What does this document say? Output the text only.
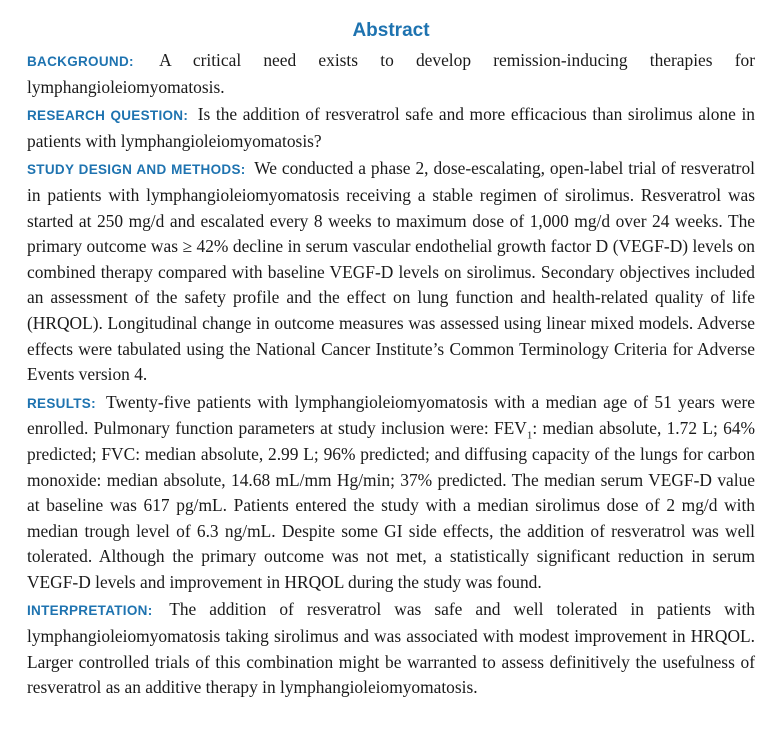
Abstract

BACKGROUND: A critical need exists to develop remission-inducing therapies for lymphangioleiomyomatosis.

RESEARCH QUESTION: Is the addition of resveratrol safe and more efficacious than sirolimus alone in patients with lymphangioleiomyomatosis?

STUDY DESIGN AND METHODS: We conducted a phase 2, dose-escalating, open-label trial of resveratrol in patients with lymphangioleiomyomatosis receiving a stable regimen of sirolimus. Resveratrol was started at 250 mg/d and escalated every 8 weeks to maximum dose of 1,000 mg/d over 24 weeks. The primary outcome was ≥ 42% decline in serum vascular endothelial growth factor D (VEGF-D) levels on combined therapy compared with baseline VEGF-D levels on sirolimus. Secondary objectives included an assessment of the safety profile and the effect on lung function and health-related quality of life (HRQOL). Longitudinal change in outcome measures was assessed using linear mixed models. Adverse effects were tabulated using the National Cancer Institute’s Common Terminology Criteria for Adverse Events version 4.

RESULTS: Twenty-five patients with lymphangioleiomyomatosis with a median age of 51 years were enrolled. Pulmonary function parameters at study inclusion were: $FEV_1$: median absolute, 1.72 L; 64% predicted; FVC: median absolute, 2.99 L; 96% predicted; and diffusing capacity of the lungs for carbon monoxide: median absolute, 14.68 mL/mm Hg/min; 37% predicted. The median serum VEGF-D value at baseline was 617 pg/mL. Patients entered the study with a median sirolimus dose of 2 mg/d with median trough level of 6.3 ng/mL. Despite some GI side effects, the addition of resveratrol was well tolerated. Although the primary outcome was not met, a statistically significant reduction in serum VEGF-D levels and improvement in HRQOL during the study was found.

INTERPRETATION: The addition of resveratrol was safe and well tolerated in patients with lymphangioleiomyomatosis taking sirolimus and was associated with modest improvement in HRQOL. Larger controlled trials of this combination might be warranted to assess definitively the usefulness of resveratrol as an additive therapy in lymphangioleiomyomatosis.
